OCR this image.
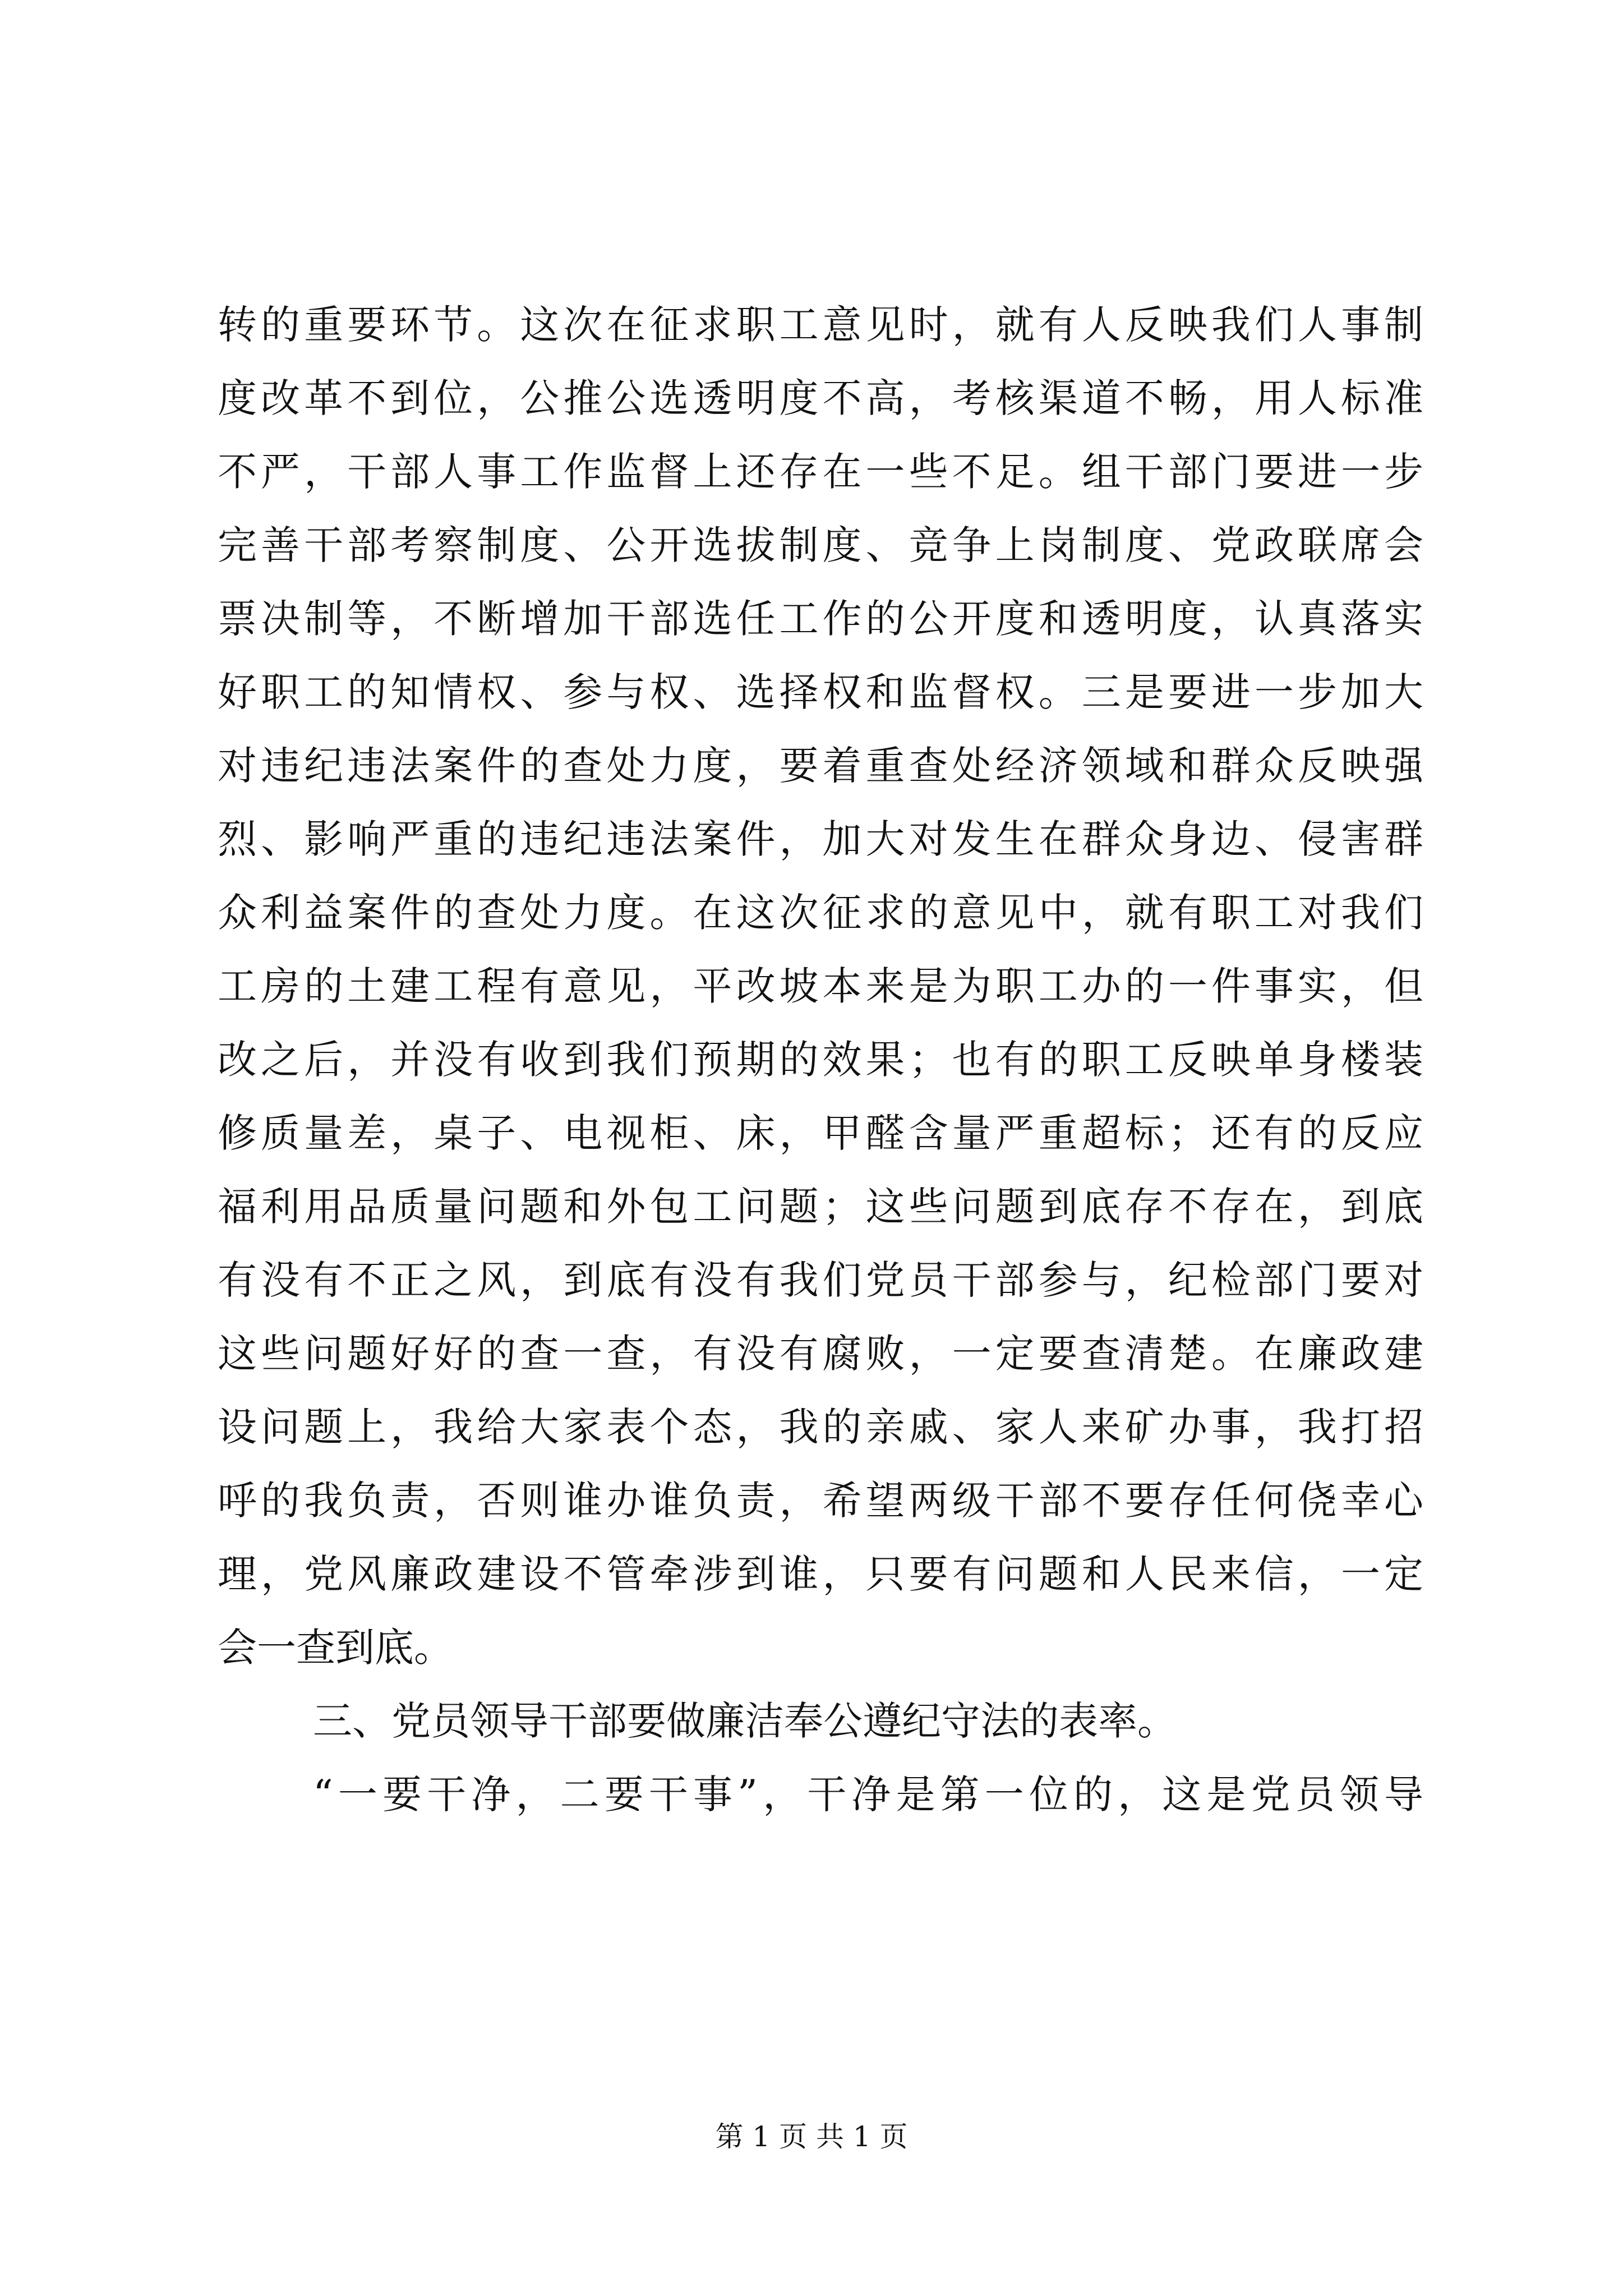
转的重要环节。这次在征求职工意见时，就有人反映我们人事制
度改革不到位，公推公选透明度不高，考核渠道不畅，用人标准
不严，干部人事工作监督上还存在一些不足。组干部门要进一步
完善干部考察制度、公开选拔制度、竞争上岗制度、党政联席会
票决制等，不断增加干部选任工作的公开度和透明度，认真落实
好职工的知情权、参与权、选择权和监督权。三是要进一步加大
对违纪违法案件的查处力度，要着重查处经济领域和群众反映强
烈、影响严重的违纪违法案件，加大对发生在群众身边、侵害群
众利益案件的查处力度。在这次征求的意见中，就有职工对我们
工房的土建工程有意见，平改坡本来是为职工办的一件事实，但
改之后，并没有收到我们预期的效果；也有的职工反映单身楼装
修质量差，桌子、电视柜、床，甲醛含量严重超标；还有的反应
福利用品质量问题和外包工问题；这些问题到底存不存在，到底
有没有不正之风，到底有没有我们党员干部参与，纪检部门要对
这些问题好好的查一查，有没有腐败，一定要查清楚。在廉政建
设问题上，我给大家表个态，我的亲戚、家人来矿办事，我打招
呼的我负责，否则谁办谁负责，希望两级干部不要存任何侥幸心
理，党风廉政建设不管牵涉到谁，只要有问题和人民来信，一定
会一查到底。
三、党员领导干部要做廉洁奉公遵纪守法的表率。
“一要干净，二要干事”，干净是第一位的，这是党员领导
第 1 页 共 1 页
